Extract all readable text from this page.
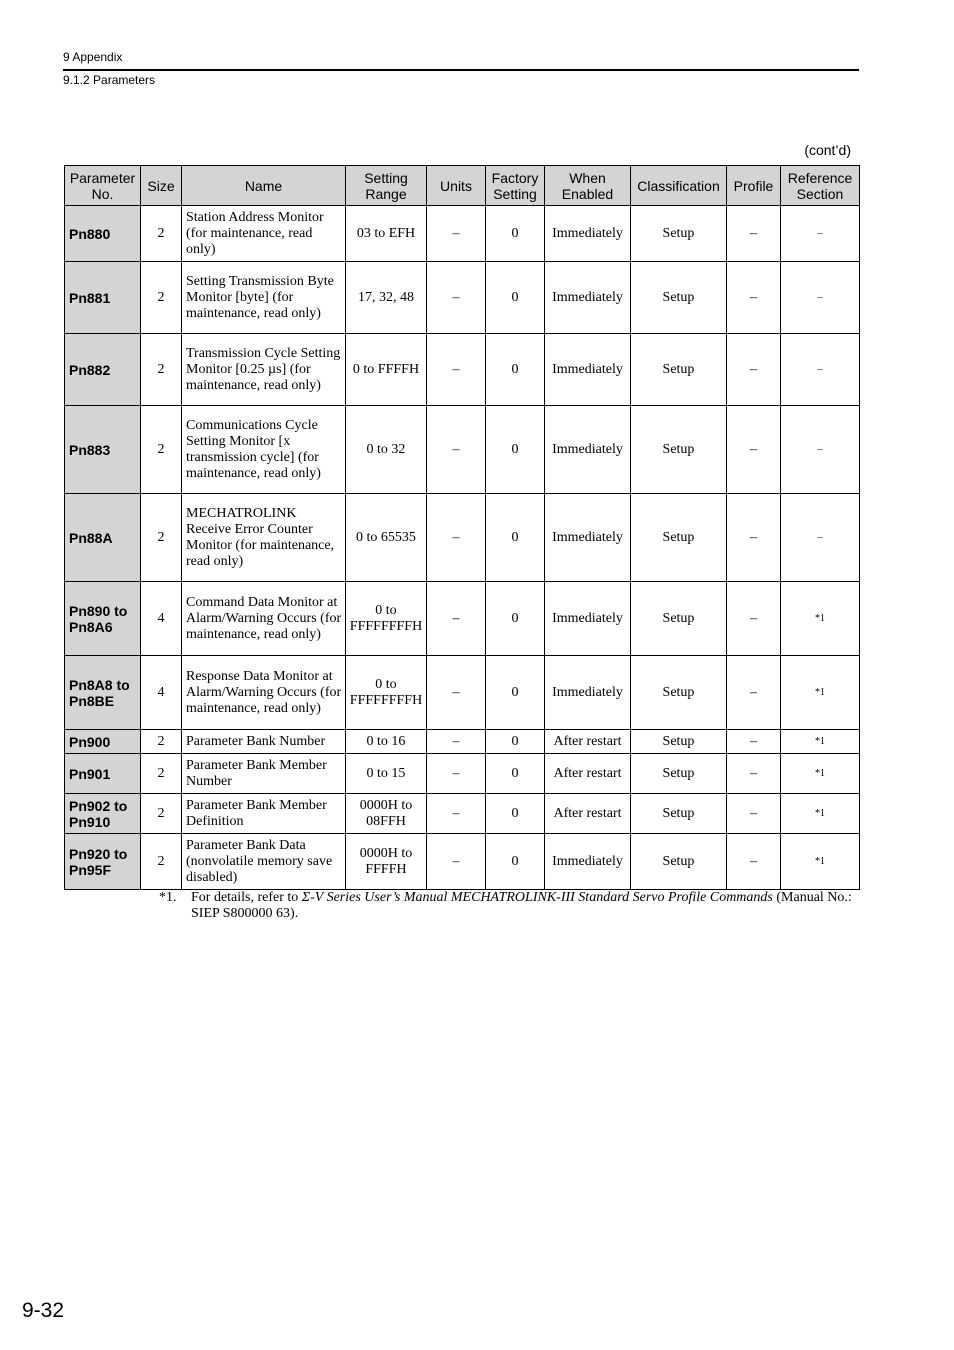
9 Appendix
9.1.2 Parameters
(cont’d)
Parameter No.	Size	Name	Setting Range	Units	Factory Setting	When Enabled	Classification	Profile	Reference Section
Pn880	2	Station Address Monitor (for maintenance, read only)	03 to EFH	–	0	Immediately	Setup	–	–
Pn881	2	Setting Transmission Byte Monitor [byte] (for maintenance, read only)	17, 32, 48	–	0	Immediately	Setup	–	–
Pn882	2	Transmission Cycle Setting Monitor [0.25 µs] (for maintenance, read only)	0 to FFFFH	–	0	Immediately	Setup	–	–
Pn883	2	Communications Cycle Setting Monitor [x transmission cycle] (for maintenance, read only)	0 to 32	–	0	Immediately	Setup	–	–
Pn88A	2	MECHATROLINK Receive Error Counter Monitor (for maintenance, read only)	0 to 65535	–	0	Immediately	Setup	–	–
Pn890 to Pn8A6	4	Command Data Monitor at Alarm/Warning Occurs (for maintenance, read only)	0 to FFFFFFFFH	–	0	Immediately	Setup	–	*1
Pn8A8 to Pn8BE	4	Response Data Monitor at Alarm/Warning Occurs (for maintenance, read only)	0 to FFFFFFFFH	–	0	Immediately	Setup	–	*1
Pn900	2	Parameter Bank Number	0 to 16	–	0	After restart	Setup	–	*1
Pn901	2	Parameter Bank Member Number	0 to 15	–	0	After restart	Setup	–	*1
Pn902 to Pn910	2	Parameter Bank Member Definition	0000H to 08FFH	–	0	After restart	Setup	–	*1
Pn920 to Pn95F	2	Parameter Bank Data (nonvolatile memory save disabled)	0000H to FFFFH	–	0	Immediately	Setup	–	*1
*1. For details, refer to Σ-V Series User’s Manual MECHATROLINK-III Standard Servo Profile Commands (Manual No.: SIEP S800000 63).
9-32
